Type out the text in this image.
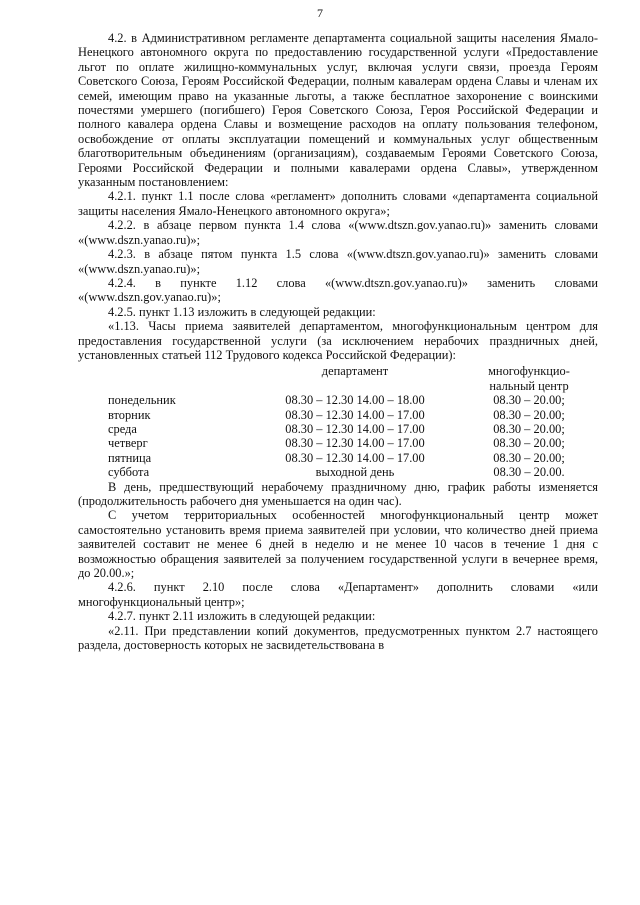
7

4.2. в Административном регламенте департамента социальной защиты населения Ямало-Ненецкого автономного округа по предоставлению государственной услуги «Предоставление льгот по оплате жилищно-коммунальных услуг, включая услуги связи, проезда Героям Советского Союза, Героям Российской Федерации, полным кавалерам ордена Славы и членам их семей, имеющим право на указанные льготы, а также бесплатное захоронение с воинскими почестями умершего (погибшего) Героя Советского Союза, Героя Российской Федерации и полного кавалера ордена Славы и возмещение расходов на оплату пользования телефоном, освобождение от оплаты эксплуатации помещений и коммунальных услуг общественным благотворительным объединениям (организациям), создаваемым Героями Советского Союза, Героями Российской Федерации и полными кавалерами ордена Славы», утвержденном указанным постановлением:

4.2.1. пункт 1.1 после слова «регламент» дополнить словами «департамента социальной защиты населения Ямало-Ненецкого автономного округа»;

4.2.2. в абзаце первом пункта 1.4 слова «(www.dtszn.gov.yanao.ru)» заменить словами «(www.dszn.yanao.ru)»;

4.2.3. в абзаце пятом пункта 1.5 слова «(www.dtszn.gov.yanao.ru)» заменить словами «(www.dszn.yanao.ru)»;

4.2.4. в пункте 1.12 слова «(www.dtszn.gov.yanao.ru)» заменить словами «(www.dszn.gov.yanao.ru)»;

4.2.5. пункт 1.13 изложить в следующей редакции:

«1.13. Часы приема заявителей департаментом, многофункциональным центром для предоставления государственной услуги (за исключением нерабочих праздничных дней, установленных статьей 112 Трудового кодекса Российской Федерации):

	департамент	многофункцио-нальный центр
понедельник	08.30 – 12.30 14.00 – 18.00	08.30 – 20.00;
вторник	08.30 – 12.30 14.00 – 17.00	08.30 – 20.00;
среда	08.30 – 12.30 14.00 – 17.00	08.30 – 20.00;
четверг	08.30 – 12.30 14.00 – 17.00	08.30 – 20.00;
пятница	08.30 – 12.30 14.00 – 17.00	08.30 – 20.00;
суббота	выходной день	08.30 – 20.00.

В день, предшествующий нерабочему праздничному дню, график работы изменяется (продолжительность рабочего дня уменьшается на один час).

С учетом территориальных особенностей многофункциональный центр может самостоятельно установить время приема заявителей при условии, что количество дней приема заявителей составит не менее 6 дней в неделю и не менее 10 часов в течение 1 дня с возможностью обращения заявителей за получением государственной услуги в вечернее время, до 20.00.»;

4.2.6. пункт 2.10 после слова «Департамент» дополнить словами «или многофункциональный центр»;

4.2.7. пункт 2.11 изложить в следующей редакции:

«2.11. При представлении копий документов, предусмотренных пунктом 2.7 настоящего раздела, достоверность которых не засвидетельствована в
